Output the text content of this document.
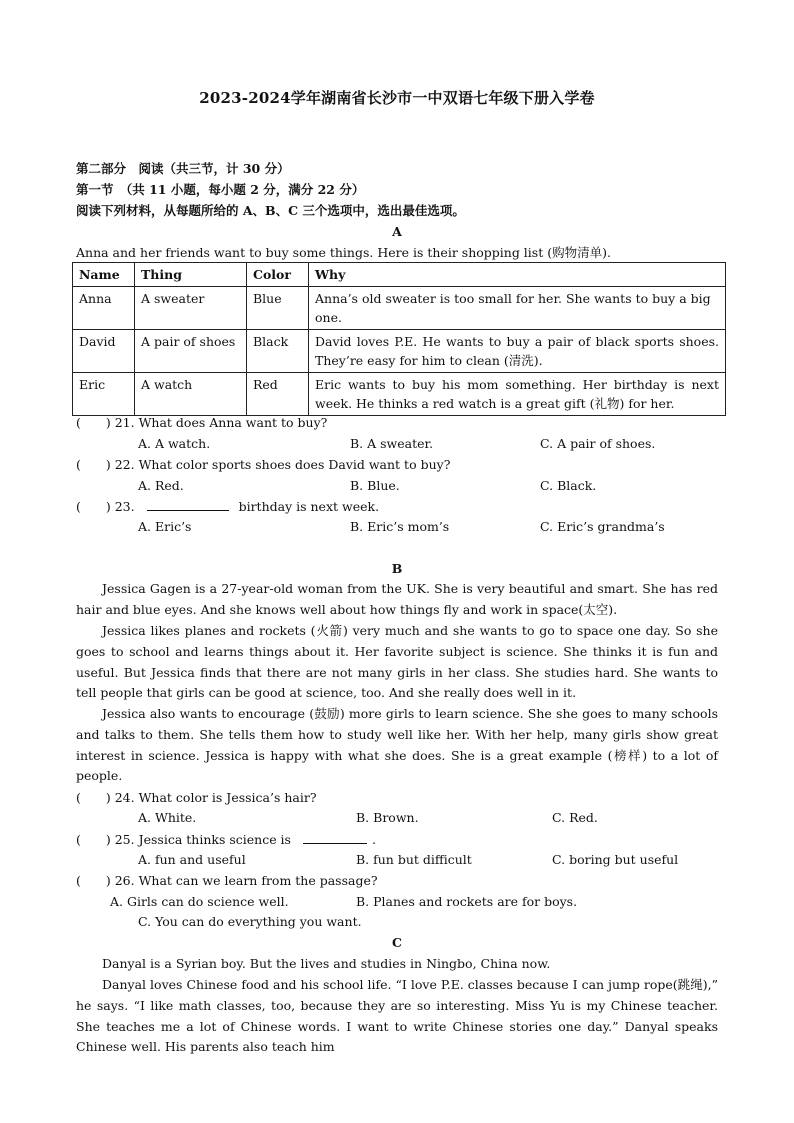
2023-2024学年湖南省长沙市一中双语七年级下册入学卷
第二部分　阅读（共三节，计 30 分）
第一节　（共 11 小题，每小题 2 分，满分 22 分）
阅读下列材料，从每题所给的 A、B、C 三个选项中，选出最佳选项。
A
Anna and her friends want to buy some things. Here is their shopping list (购物清单).
Name	Thing	Color	Why
Anna	A sweater	Blue	Anna’s old sweater is too small for her. She wants to buy a big one.
David	A pair of shoes	Black	David loves P.E. He wants to buy a pair of black sports shoes. They’re easy for him to clean (清洗).
Eric	A watch	Red	Eric wants to buy his mom something. Her birthday is next week. He thinks a red watch is a great gift (礼物) for her.
(　　) 21. What does Anna want to buy?
A. A watch.	B. A sweater.	C. A pair of shoes.
(　　) 22. What color sports shoes does David want to buy?
A. Red.	B. Blue.	C. Black.
(　　) 23.	birthday is next week.
A. Eric’s	B. Eric’s mom’s	C. Eric’s grandma’s
B
Jessica Gagen is a 27-year-old woman from the UK. She is very beautiful and smart. She has red hair and blue eyes. And she knows well about how things fly and work in space(太空).
Jessica likes planes and rockets (火箭) very much and she wants to go to space one day. So she goes to school and learns things about it. Her favorite subject is science. She thinks it is fun and useful. But Jessica finds that there are not many girls in her class. She studies hard. She wants to tell people that girls can be good at science, too. And she really does well in it.
Jessica also wants to encourage (鼓励) more girls to learn science. She she goes to many schools and talks to them. She tells them how to study well like her. With her help, many girls show great interest in science. Jessica is happy with what she does. She is a great example (榜样) to a lot of people.
(　　) 24. What color is Jessica’s hair?
A. White.	B. Brown.	C. Red.
(　　) 25. Jessica thinks science is	.
A. fun and useful	B. fun but difficult	C. boring but useful
(　　) 26. What can we learn from the passage?
A. Girls can do science well.	B. Planes and rockets are for boys.
C. You can do everything you want.
C
Danyal is a Syrian boy. But the lives and studies in Ningbo, China now.
Danyal loves Chinese food and his school life. “I love P.E. classes because I can jump rope(跳绳),” he says. “I like math classes, too, because they are so interesting. Miss Yu is my Chinese teacher. She teaches me a lot of Chinese words. I want to write Chinese stories one day.” Danyal speaks Chinese well. His parents also teach him
